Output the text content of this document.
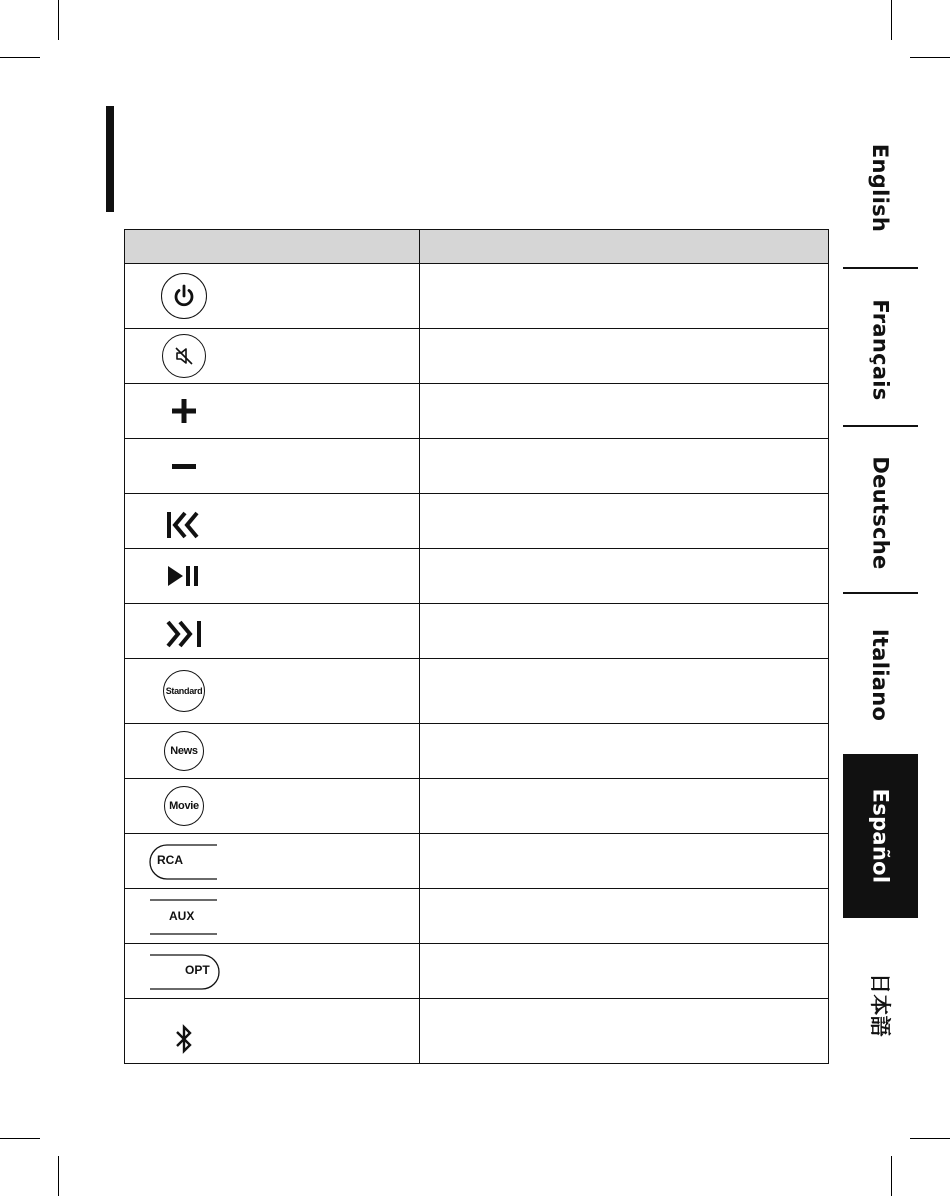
Standard
News
Movie
RCA
AUX
OPT
English
Français
Deutsche
Italiano
Español
日本語
